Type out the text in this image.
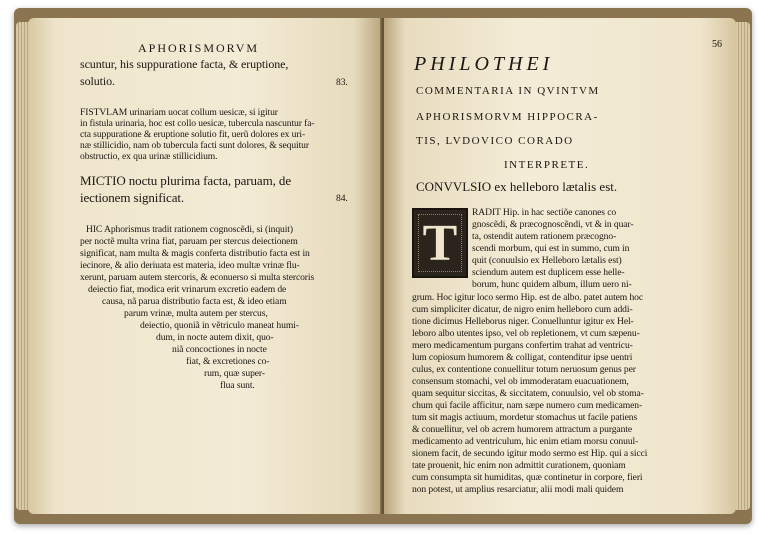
APHORISMORVM
scuntur, his suppuratione facta, & eruptione,
solutio.	83.
FISTVLAM urinariam uocat collum uesicæ, si igitur
in fistula urinaria, hoc est collo uesicæ, tubercula nascuntur fa-
cta suppuratione & eruptione solutio fit, uerũ dolores ex uri-
næ stillicidio, nam ob tubercula facti sunt dolores, & sequitur
obstructio, ex qua urinæ stillicidium.
MICTIO noctu plurima facta, paruam, de
iectionem significat.	84.
HIC Aphorismus tradit rationem cognoscẽdi, si (inquit)
per noctẽ multa vrina fiat, paruam per stercus deiectionem
significat, nam multa & magis conferta distributio facta est in
iecinore, & alio deriuata est materia, ideo multæ vrinæ flu-
xerunt, paruam autem stercoris, & econuerso si multa stercoris
deiectio fiat, modica erit vrinarum excretio eadem de
causa, nã parua distributio facta est, & ideo etiam
parum vrinæ, multa autem per stercus,
deiectio, quoniã in vẽtriculo maneat humi-
dum, in nocte autem dixit, quo-
niã concoctiones in nocte
fiat, & excretiones co-
rum, quæ super-
flua sunt.
56
PHILOTHEI
COMMENTARIA IN QVINTVM
APHORISMORVM HIPPOCRA-
TIS, LVDOVICO CORADO
INTERPRETE.
CONVVLSIO ex helleboro lætalis est.
T
RADIT Hip. in hac sectiõe canones co
gnoscẽdi, & præcognoscẽndi, vt & in quar-
ta, ostendit autem rationem præcogno-
scendi morbum, qui est in summo, cum in
quit (conuulsio ex Helleboro lætalis est)
sciendum autem est duplicem esse helle-
borum, hunc quidem album, illum uero ni-
grum. Hoc igitur loco sermo Hip. est de albo. patet autem hoc
cum simpliciter dicatur, de nigro enim helleboro cum addi-
tione dicimus Helleborus niger. Conuelluntur igitur ex Hel-
leboro albo utentes ipso, vel ob repletionem, vt cum sæpenu-
mero medicamentum purgans confertim trahat ad ventricu-
lum copiosum humorem & colligat, contenditur ipse uentri
culus, ex contentione conuellitur totum neruosum genus per
consensum stomachi, vel ob immoderatam euacuationem,
quam sequitur siccitas, & siccitatem, conuulsio, vel ob stoma-
chum qui facile afficitur, nam sæpe numero cum medicamen-
tum sit magis actiuum, mordetur stomachus ut facile patiens
& conuellitur, vel ob acrem humorem attractum a purgante
medicamento ad ventriculum, hic enim etiam morsu conuul-
sionem facit, de secundo igitur modo sermo est Hip. qui a sicci
tate prouenit, hic enim non admittit curationem, quoniam
cum consumpta sit humiditas, quæ continetur in corpore, fieri
non potest, ut amplius resarciatur, alii modi mali quidem
